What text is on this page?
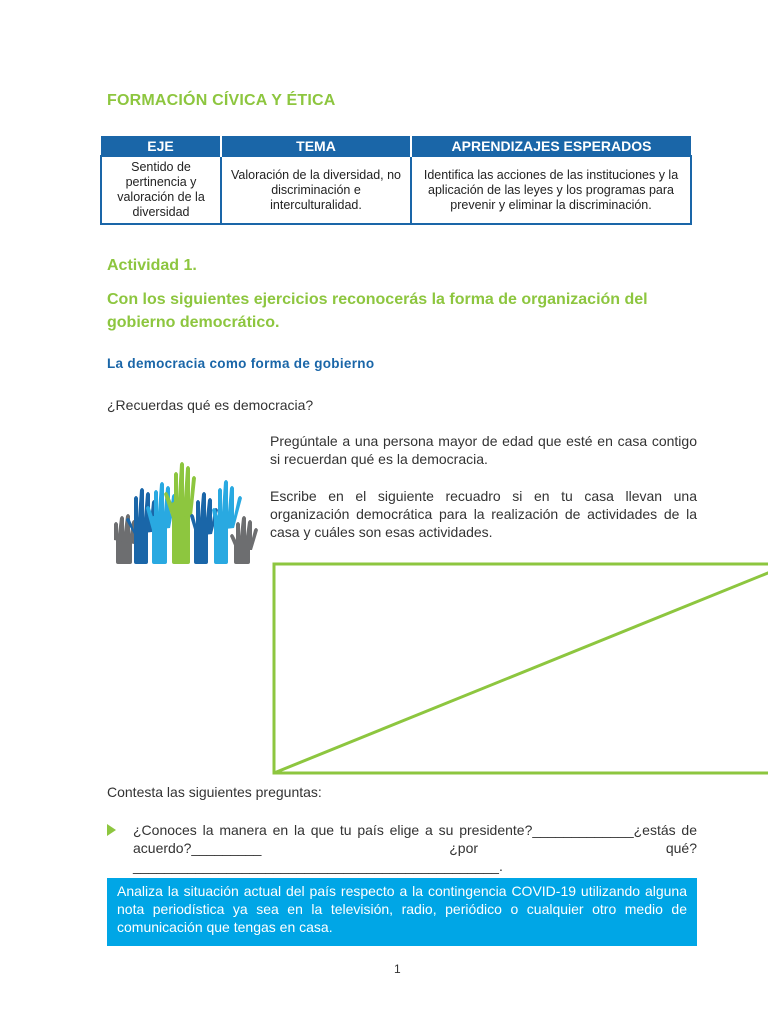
FORMACIÓN CÍVICA Y ÉTICA
EJE	TEMA	APRENDIZAJES ESPERADOS
Sentido de pertinencia y valoración de la diversidad	Valoración de la diversidad, no discriminación e interculturalidad.	Identifica las acciones de las instituciones y la aplicación de las leyes y los programas para prevenir y eliminar la discriminación.
Actividad 1.
Con los siguientes ejercicios reconocerás la forma de organización del gobierno democrático.
La democracia como forma de gobierno
¿Recuerdas qué es democracia?
Pregúntale a una persona mayor de edad que esté en casa contigo si recuerdan qué es la democracia.
Escribe en el siguiente recuadro si en tu casa llevan una organización democrática para la realización de actividades de la casa y cuáles son esas actividades.
Contesta las siguientes preguntas:
¿Conoces la manera en la que tu país elige a su presidente?_____________¿estás de acuerdo?_________ ¿por qué?_______________________________________________.
Analiza la situación actual del país respecto a la contingencia COVID-19 utilizando alguna nota periodística ya sea en la televisión, radio, periódico o cualquier otro medio de comunicación que tengas en casa.
1
